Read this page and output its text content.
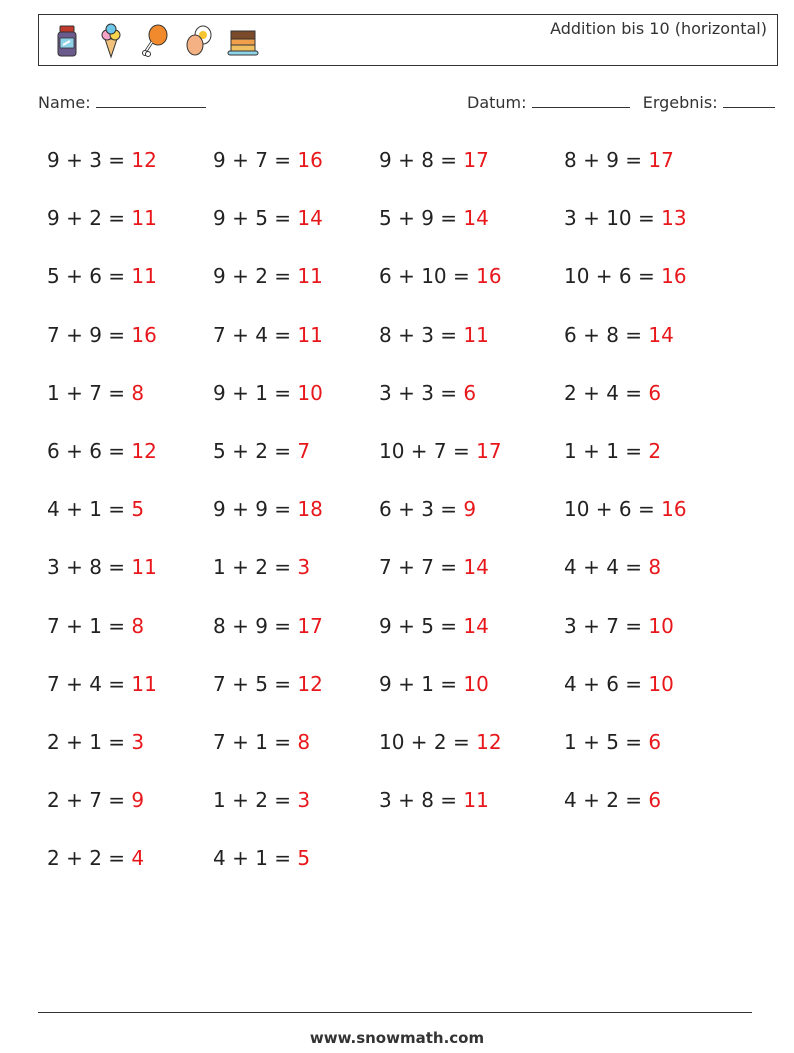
Addition bis 10 (horizontal)
Name:	Datum:	Ergebnis:
9 + 3 = 12	9 + 7 = 16	9 + 8 = 17	8 + 9 = 17
9 + 2 = 11	9 + 5 = 14	5 + 9 = 14	3 + 10 = 13
5 + 6 = 11	9 + 2 = 11	6 + 10 = 16	10 + 6 = 16
7 + 9 = 16	7 + 4 = 11	8 + 3 = 11	6 + 8 = 14
1 + 7 = 8	9 + 1 = 10	3 + 3 = 6	2 + 4 = 6
6 + 6 = 12	5 + 2 = 7	10 + 7 = 17	1 + 1 = 2
4 + 1 = 5	9 + 9 = 18	6 + 3 = 9	10 + 6 = 16
3 + 8 = 11	1 + 2 = 3	7 + 7 = 14	4 + 4 = 8
7 + 1 = 8	8 + 9 = 17	9 + 5 = 14	3 + 7 = 10
7 + 4 = 11	7 + 5 = 12	9 + 1 = 10	4 + 6 = 10
2 + 1 = 3	7 + 1 = 8	10 + 2 = 12	1 + 5 = 6
2 + 7 = 9	1 + 2 = 3	3 + 8 = 11	4 + 2 = 6
2 + 2 = 4	4 + 1 = 5
www.snowmath.com
